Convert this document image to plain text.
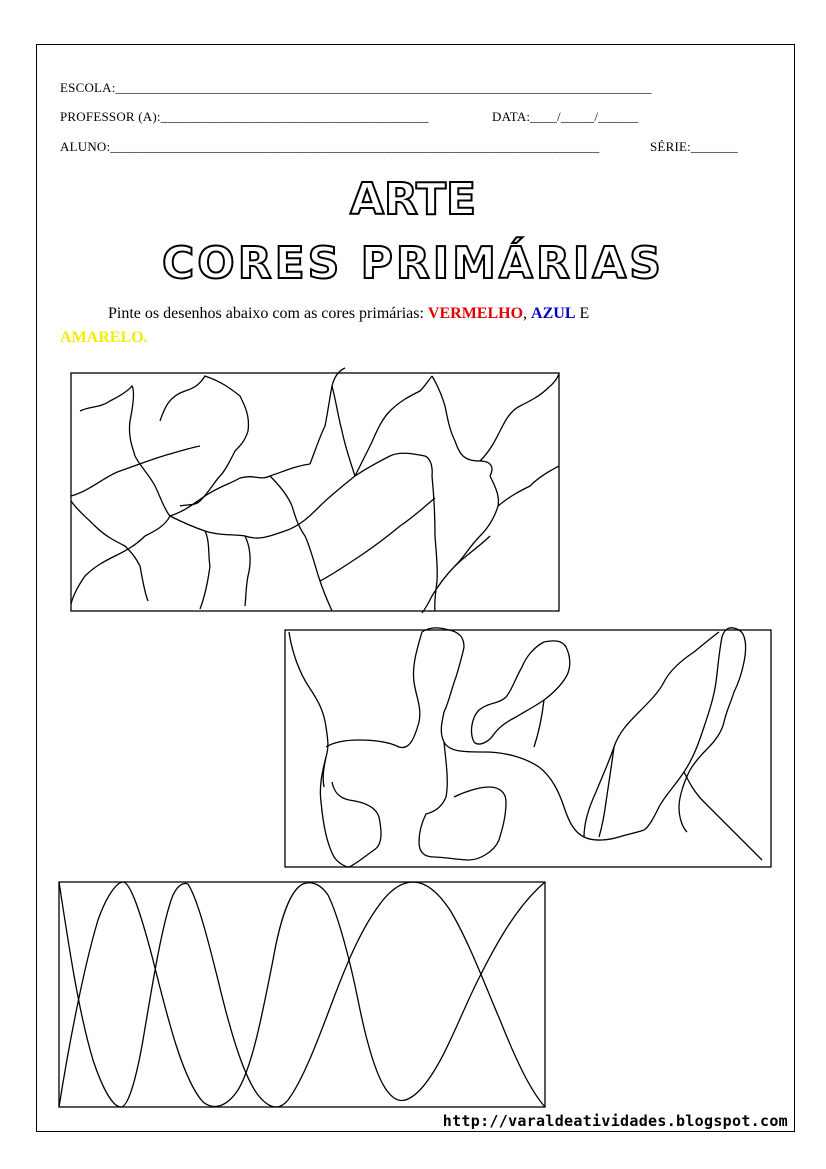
ESCOLA:________________________________________________________________________________
PROFESSOR (A):________________________________________	DATA:____/_____/______
ALUNO:_________________________________________________________________________	SÉRIE:_______
ARTE
CORES PRIMÁRIAS
Pinte os desenhos abaixo com as cores primárias: VERMELHO, AZUL E
AMARELO.
http://varaldeatividades.blogspot.com
